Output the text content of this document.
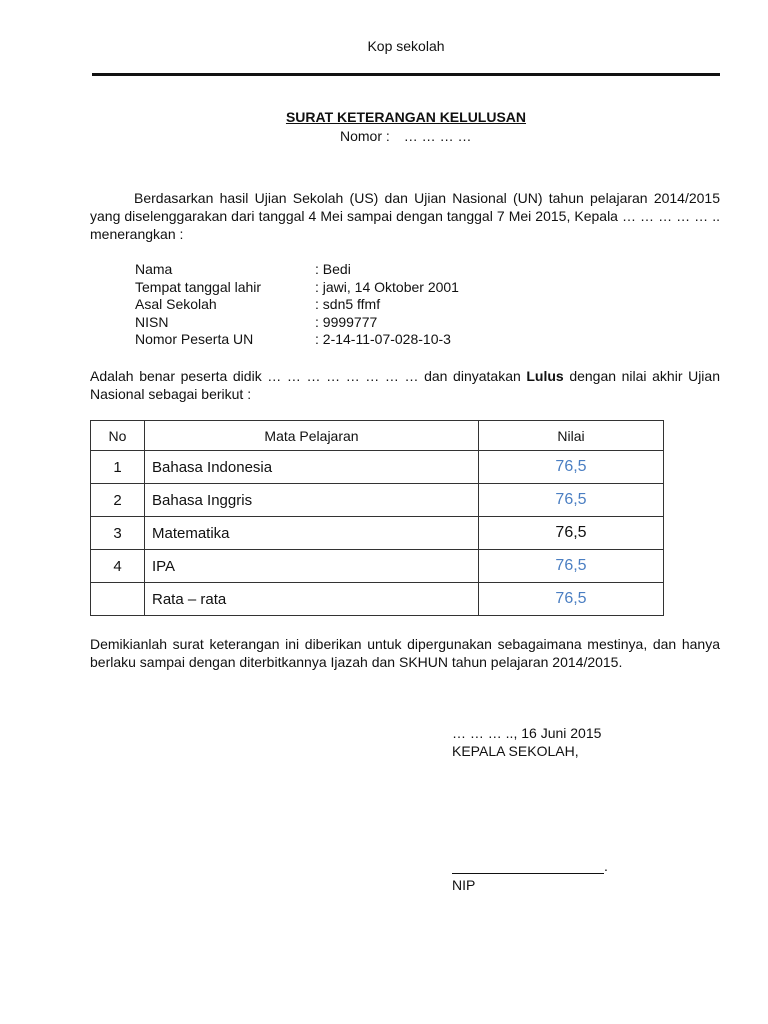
Kop sekolah
SURAT KETERANGAN KELULUSAN
Nomor : … … … …
Berdasarkan hasil Ujian Sekolah (US) dan Ujian Nasional (UN) tahun pelajaran 2014/2015 yang diselenggarakan dari tanggal 4 Mei sampai dengan tanggal 7 Mei 2015, Kepala … … … … … .. menerangkan :
Nama	: Bedi
Tempat tanggal lahir	: jawi, 14 Oktober 2001
Asal Sekolah	: sdn5 ffmf
NISN	: 9999777
Nomor Peserta UN	: 2-14-11-07-028-10-3
Adalah benar peserta didik … … … … … … … … dan dinyatakan Lulus dengan nilai akhir Ujian Nasional sebagai berikut :
No	Mata Pelajaran	Nilai
1	Bahasa Indonesia	76,5
2	Bahasa Inggris	76,5
3	Matematika	76,5
4	IPA	76,5
	Rata – rata	76,5
Demikianlah surat keterangan ini diberikan untuk dipergunakan sebagaimana mestinya, dan hanya berlaku sampai dengan diterbitkannya Ijazah dan SKHUN tahun pelajaran 2014/2015.
… … … .., 16 Juni 2015
KEPALA SEKOLAH,
.
NIP
